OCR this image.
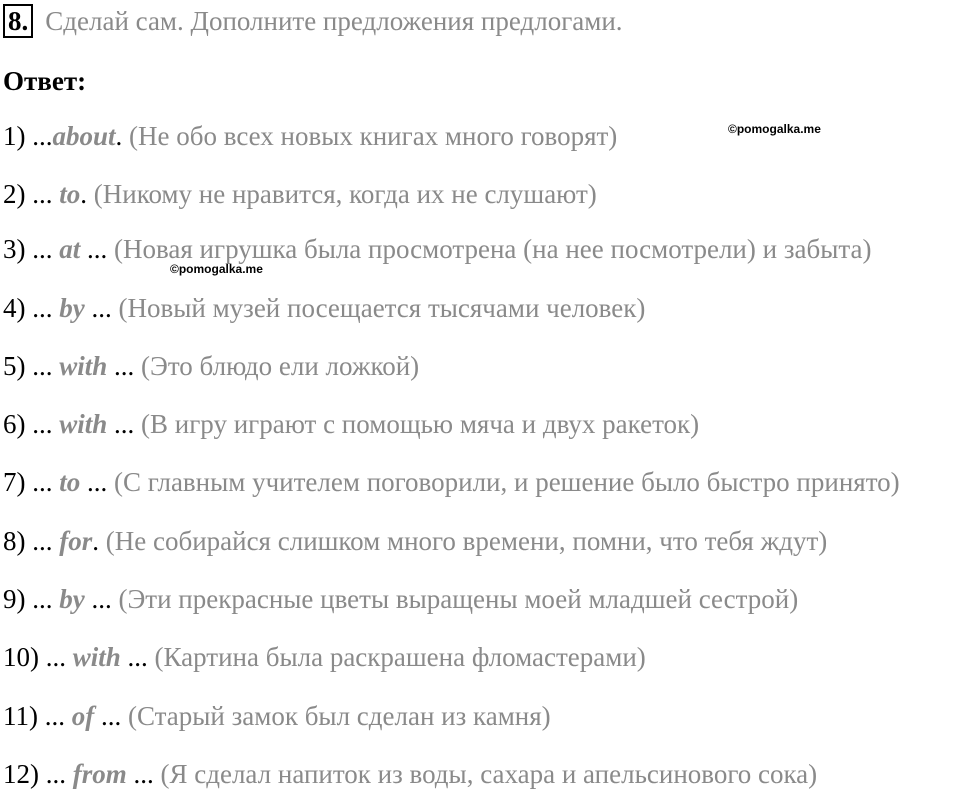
8. Сделай сам. Дополните предложения предлогами.
Ответ:
1) ...about. (Не обо всех новых книгах много говорят)
2) ... to. (Никому не нравится, когда их не слушают)
3) ... at ... (Новая игрушка была просмотрена (на нее посмотрели) и забыта)
4) ... by ... (Новый музей посещается тысячами человек)
5) ... with ... (Это блюдо ели ложкой)
6) ... with ... (В игру играют с помощью мяча и двух ракеток)
7) ... to ... (С главным учителем поговорили, и решение было быстро принято)
8) ... for. (Не собирайся слишком много времени, помни, что тебя ждут)
9) ... by ... (Эти прекрасные цветы выращены моей младшей сестрой)
10) ... with ... (Картина была раскрашена фломастерами)
11) ... of ... (Старый замок был сделан из камня)
12) ... from ... (Я сделал напиток из воды, сахара и апельсинового сока)
©pomogalka.me
©pomogalka.me
